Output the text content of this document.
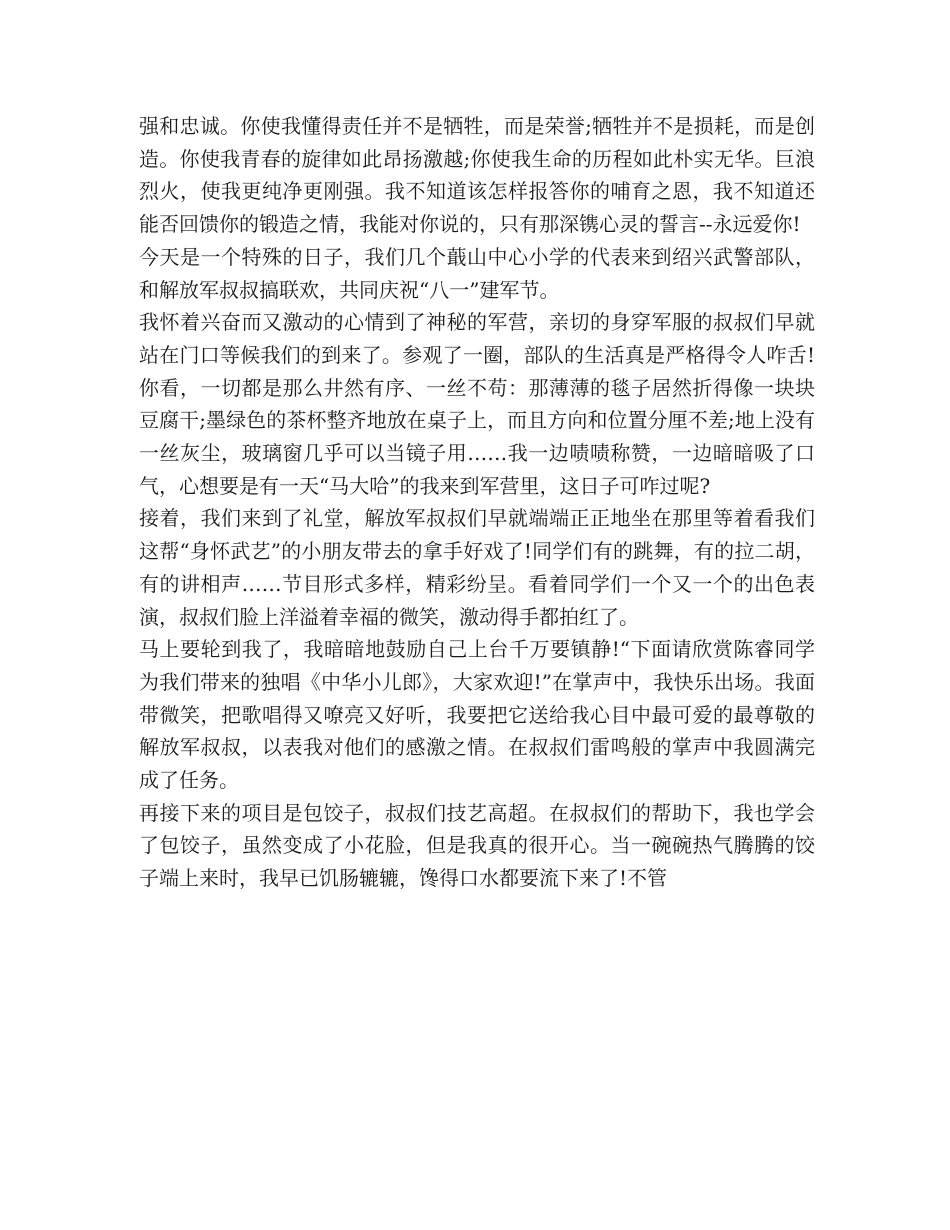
强和忠诚。你使我懂得责任并不是牺牲，而是荣誉;牺牲并不是损耗，而是创造。你使我青春的旋律如此昂扬激越;你使我生命的历程如此朴实无华。巨浪烈火，使我更纯净更刚强。我不知道该怎样报答你的哺育之恩，我不知道还能否回馈你的锻造之情，我能对你说的，只有那深镌心灵的誓言--永远爱你!

今天是一个特殊的日子，我们几个蕺山中心小学的代表来到绍兴武警部队，和解放军叔叔搞联欢，共同庆祝“八一”建军节。

我怀着兴奋而又激动的心情到了神秘的军营，亲切的身穿军服的叔叔们早就站在门口等候我们的到来了。参观了一圈，部队的生活真是严格得令人咋舌!你看，一切都是那么井然有序、一丝不苟：那薄薄的毯子居然折得像一块块豆腐干;墨绿色的茶杯整齐地放在桌子上，而且方向和位置分厘不差;地上没有一丝灰尘，玻璃窗几乎可以当镜子用……我一边啧啧称赞，一边暗暗吸了口气，心想要是有一天“马大哈”的我来到军营里，这日子可咋过呢?

接着，我们来到了礼堂，解放军叔叔们早就端端正正地坐在那里等着看我们这帮“身怀武艺”的小朋友带去的拿手好戏了!同学们有的跳舞，有的拉二胡，有的讲相声……节目形式多样，精彩纷呈。看着同学们一个又一个的出色表演，叔叔们脸上洋溢着幸福的微笑，激动得手都拍红了。

马上要轮到我了，我暗暗地鼓励自己上台千万要镇静!“下面请欣赏陈睿同学为我们带来的独唱《中华小儿郎》，大家欢迎!”在掌声中，我快乐出场。我面带微笑，把歌唱得又嘹亮又好听，我要把它送给我心目中最可爱的最尊敬的解放军叔叔，以表我对他们的感激之情。在叔叔们雷鸣般的掌声中我圆满完成了任务。

再接下来的项目是包饺子，叔叔们技艺高超。在叔叔们的帮助下，我也学会了包饺子，虽然变成了小花脸，但是我真的很开心。当一碗碗热气腾腾的饺子端上来时，我早已饥肠辘辘，馋得口水都要流下来了!不管
